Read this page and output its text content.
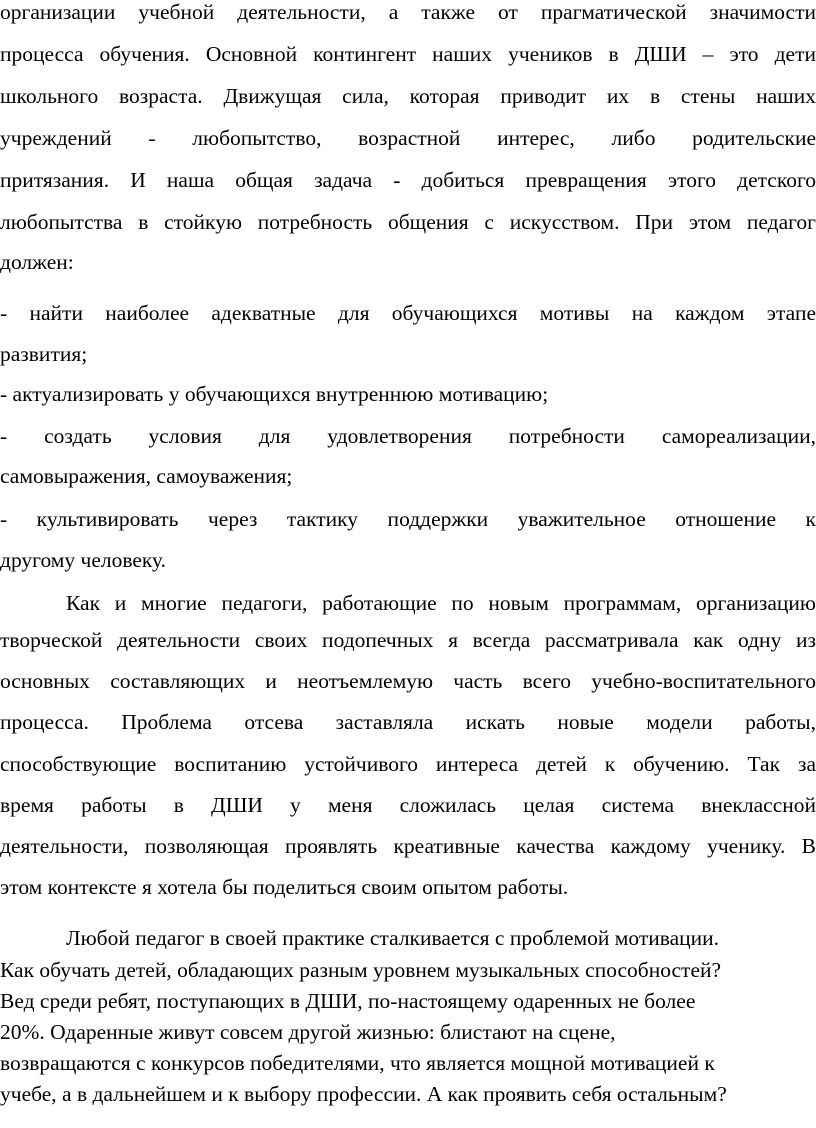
организации учебной деятельности, а также от прагматической значимости
процесса обучения. Основной контингент наших учеников в ДШИ – это дети
школьного возраста. Движущая сила, которая приводит их в стены наших
учреждений - любопытство, возрастной интерес, либо родительские
притязания. И наша общая задача - добиться превращения этого детского
любопытства в стойкую потребность общения с искусством. При этом педагог
должен:
- найти наиболее адекватные для обучающихся мотивы на каждом этапе
развития;
- актуализировать у обучающихся внутреннюю мотивацию;
- создать условия для удовлетворения потребности самореализации,
самовыражения, самоуважения;
- культивировать через тактику поддержки уважительное отношение к
другому человеку.
Как и многие педагоги, работающие по новым программам, организацию
творческой деятельности своих подопечных я всегда рассматривала как одну из
основных составляющих и неотъемлемую часть всего учебно-воспитательного
процесса. Проблема отсева заставляла искать новые модели работы,
способствующие воспитанию устойчивого интереса детей к обучению. Так за
время работы в ДШИ у меня сложилась целая система внеклассной
деятельности, позволяющая проявлять креативные качества каждому ученику. В
этом контексте я хотела бы поделиться своим опытом работы.
Любой педагог в своей практике сталкивается с проблемой мотивации.
Как обучать детей, обладающих разным уровнем музыкальных способностей?
Вед среди ребят, поступающих в ДШИ, по-настоящему одаренных не более
20%. Одаренные живут совсем другой жизнью: блистают на сцене,
возвращаются с конкурсов победителями, что является мощной мотивацией к
учебе, а в дальнейшем и к выбору профессии. А как проявить себя остальным?
